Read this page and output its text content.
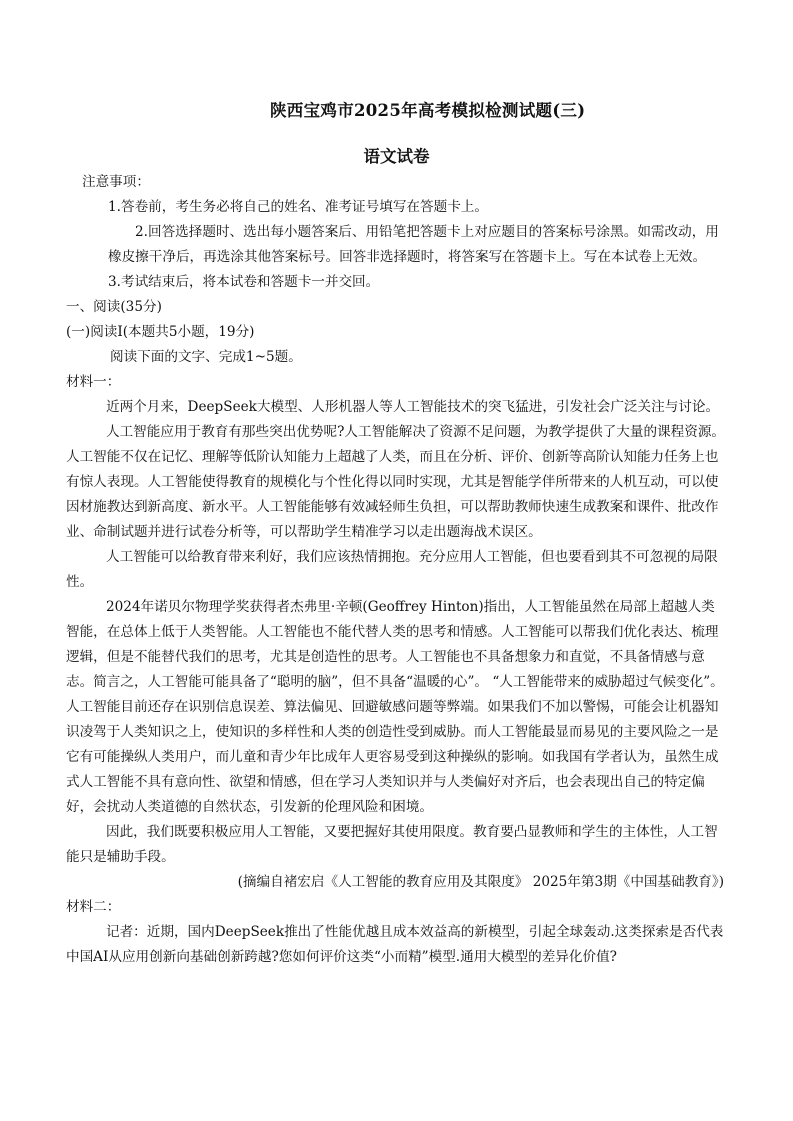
陕西宝鸡市2025年高考模拟检测试题(三)
语文试卷

注意事项：

1.答卷前，考生务必将自己的姓名、准考证号填写在答题卡上。

2.回答选择题时、选出每小题答案后、用铅笔把答题卡上对应题目的答案标号涂黑。如需改动，用橡皮擦干净后，再选涂其他答案标号。回答非选择题时，将答案写在答题卡上。写在本试卷上无效。

3.考试结束后，将本试卷和答题卡一并交回。

一、阅读(35分)

(一)阅读Ⅰ(本题共5小题，19分)

阅读下面的文字、完成1~5题。

材料一：

近两个月来，DeepSeek大模型、人形机器人等人工智能技术的突飞猛进，引发社会广泛关注与讨论。

人工智能应用于教育有那些突出优势呢?人工智能解决了资源不足问题，为教学提供了大量的课程资源。人工智能不仅在记忆、理解等低阶认知能力上超越了人类，而且在分析、评价、创新等高阶认知能力任务上也有惊人表现。人工智能使得教育的规模化与个性化得以同时实现，尤其是智能学伴所带来的人机互动，可以使因材施教达到新高度、新水平。人工智能能够有效减轻师生负担，可以帮助教师快速生成教案和课件、批改作业、命制试题并进行试卷分析等，可以帮助学生精准学习以走出题海战术误区。

人工智能可以给教育带来利好，我们应该热情拥抱。充分应用人工智能，但也要看到其不可忽视的局限性。

2024年诺贝尔物理学奖获得者杰弗里·辛顿(Geoffrey Hinton)指出，人工智能虽然在局部上超越人类智能，在总体上低于人类智能。人工智能也不能代替人类的思考和情感。人工智能可以帮我们优化表达、梳理逻辑，但是不能替代我们的思考，尤其是创造性的思考。人工智能也不具备想象力和直觉，不具备情感与意志。简言之，人工智能可能具备了“聪明的脑”，但不具备“温暖的心”。 “人工智能带来的威胁超过气候变化”。人工智能目前还存在识别信息误差、算法偏见、回避敏感问题等弊端。如果我们不加以警惕，可能会让机器知识凌驾于人类知识之上，使知识的多样性和人类的创造性受到威胁。而人工智能最显而易见的主要风险之一是它有可能操纵人类用户，而儿童和青少年比成年人更容易受到这种操纵的影响。如我国有学者认为，虽然生成式人工智能不具有意向性、欲望和情感，但在学习人类知识并与人类偏好对齐后，也会表现出自己的特定偏好，会扰动人类道德的自然状态，引发新的伦理风险和困境。

因此，我们既要积极应用人工智能，又要把握好其使用限度。教育要凸显教师和学生的主体性，人工智能只是辅助手段。

(摘编自褚宏启《人工智能的教育应用及其限度》 2025年第3期《中国基础教育》)

材料二：

记者：近期，国内DeepSeek推出了性能优越且成本效益高的新模型，引起全球轰动.这类探索是否代表中国AI从应用创新向基础创新跨越?您如何评价这类“小而精”模型.通用大模型的差异化价值?
